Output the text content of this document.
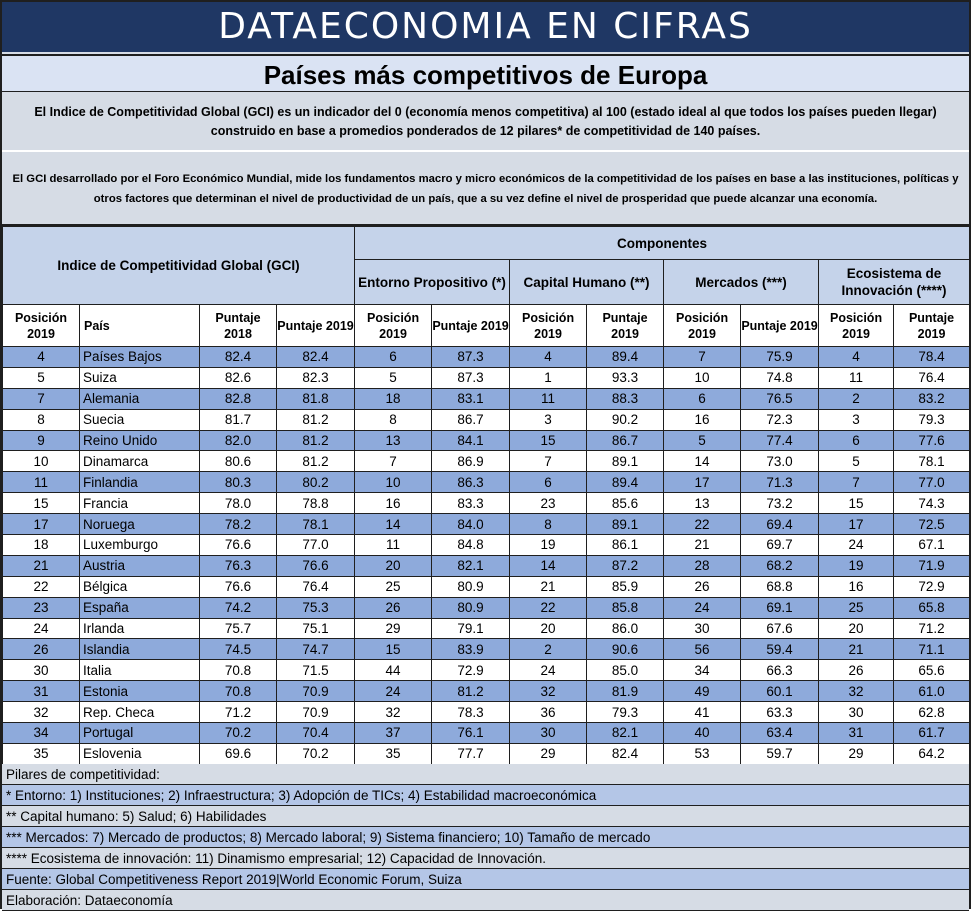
DATAECONOMIA EN CIFRAS
Países más competitivos de Europa
El Indice de Competitividad Global (GCI) es un indicador del 0 (economía menos competitiva) al 100 (estado ideal al que todos los países pueden llegar) construido en base a promedios ponderados de 12 pilares* de competitividad de 140 países.
El GCI desarrollado por el Foro Económico Mundial, mide los fundamentos macro y micro económicos de la competitividad de los países en base a las instituciones, políticas y otros factores que determinan el nivel de productividad de un país, que a su vez define el nivel de prosperidad que puede alcanzar una economía.
Indice de Competitividad Global (GCI)				Componentes							
				Entorno Propositivo (*)		Capital Humano (**)		Mercados (***)		Ecosistema de Innovación (****)	
Posición 2019	País	Puntaje 2018	Puntaje 2019	Posición 2019	Puntaje 2019	Posición 2019	Puntaje 2019	Posición 2019	Puntaje 2019	Posición 2019	Puntaje 2019
4	Países Bajos	82.4	82.4	6	87.3	4	89.4	7	75.9	4	78.4
5	Suiza	82.6	82.3	5	87.3	1	93.3	10	74.8	11	76.4
7	Alemania	82.8	81.8	18	83.1	11	88.3	6	76.5	2	83.2
8	Suecia	81.7	81.2	8	86.7	3	90.2	16	72.3	3	79.3
9	Reino Unido	82.0	81.2	13	84.1	15	86.7	5	77.4	6	77.6
10	Dinamarca	80.6	81.2	7	86.9	7	89.1	14	73.0	5	78.1
11	Finlandia	80.3	80.2	10	86.3	6	89.4	17	71.3	7	77.0
15	Francia	78.0	78.8	16	83.3	23	85.6	13	73.2	15	74.3
17	Noruega	78.2	78.1	14	84.0	8	89.1	22	69.4	17	72.5
18	Luxemburgo	76.6	77.0	11	84.8	19	86.1	21	69.7	24	67.1
21	Austria	76.3	76.6	20	82.1	14	87.2	28	68.2	19	71.9
22	Bélgica	76.6	76.4	25	80.9	21	85.9	26	68.8	16	72.9
23	España	74.2	75.3	26	80.9	22	85.8	24	69.1	25	65.8
24	Irlanda	75.7	75.1	29	79.1	20	86.0	30	67.6	20	71.2
26	Islandia	74.5	74.7	15	83.9	2	90.6	56	59.4	21	71.1
30	Italia	70.8	71.5	44	72.9	24	85.0	34	66.3	26	65.6
31	Estonia	70.8	70.9	24	81.2	32	81.9	49	60.1	32	61.0
32	Rep. Checa	71.2	70.9	32	78.3	36	79.3	41	63.3	30	62.8
34	Portugal	70.2	70.4	37	76.1	30	82.1	40	63.4	31	61.7
35	Eslovenia	69.6	70.2	35	77.7	29	82.4	53	59.7	29	64.2
Pilares de competitividad:
* Entorno: 1) Instituciones; 2) Infraestructura; 3) Adopción de TICs; 4) Estabilidad macroeconómica
** Capital humano: 5) Salud; 6) Habilidades
*** Mercados: 7) Mercado de productos; 8) Mercado laboral; 9) Sistema financiero; 10) Tamaño de mercado
**** Ecosistema de innovación: 11) Dinamismo empresarial; 12) Capacidad de Innovación.
Fuente: Global Competitiveness Report 2019|World Economic Forum, Suiza
Elaboración: Dataeconomía
